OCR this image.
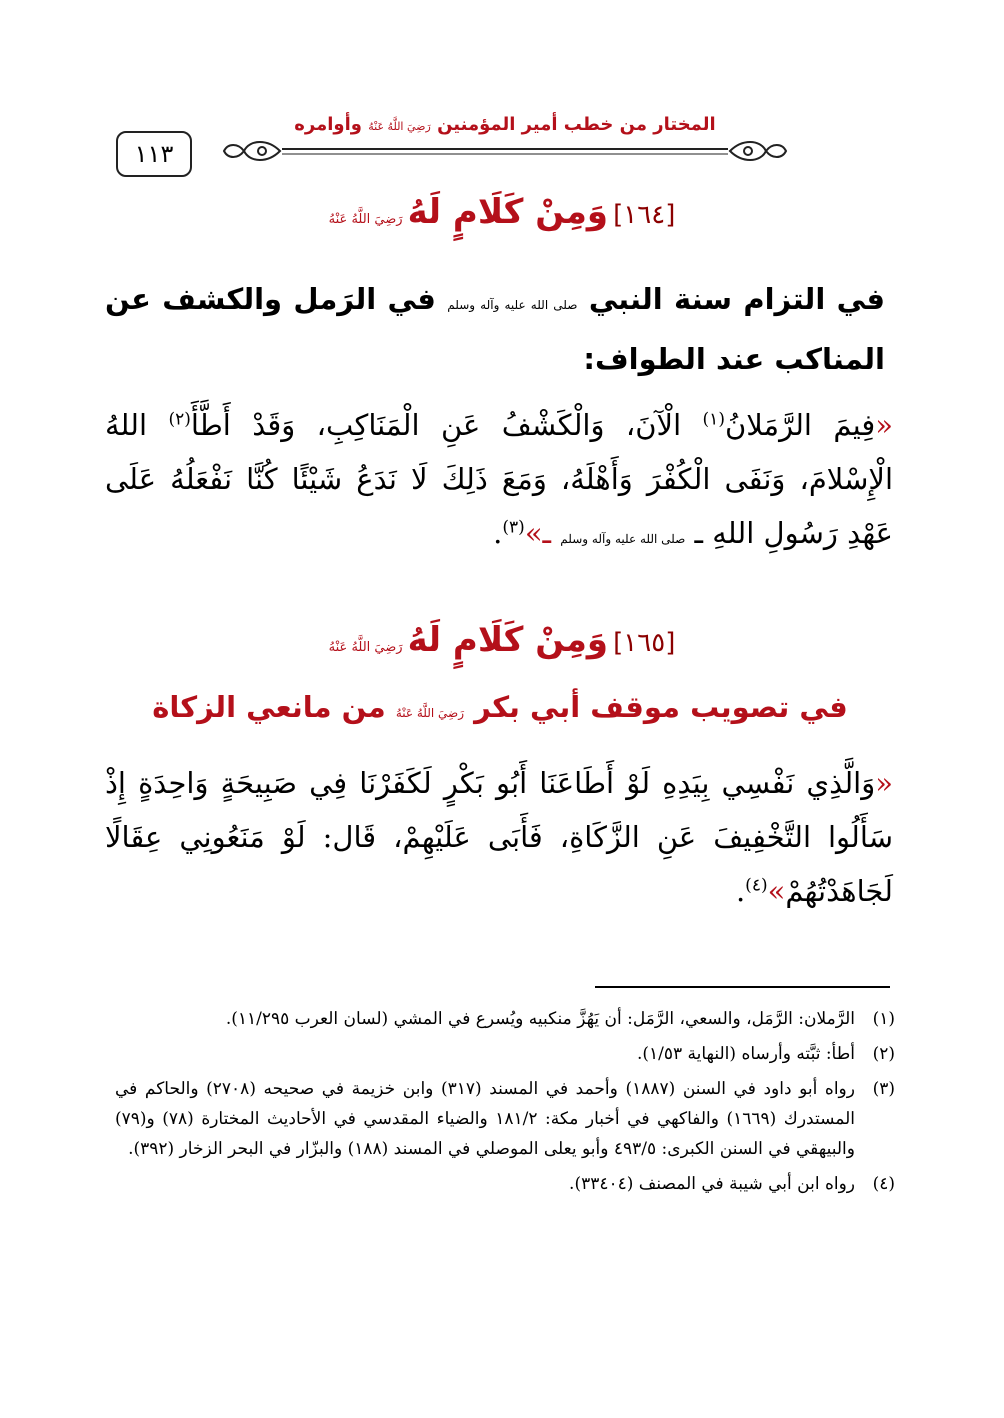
١١٣
المختار من خطب أمير المؤمنين رَضِيَ اللَّهُ عَنْهُ وأوامره
[١٦٤] وَمِنْ كَلَامٍ لَهُ رَضِيَ اللَّهُ عَنْهُ
في التزام سنة النبي صلى الله عليه وآله وسلم في الرَمل والكشف عن المناكب عند الطواف:
«فِيمَ الرَّمَلانُ$^{(١)}$ الْآنَ، وَالْكَشْفُ عَنِ الْمَنَاكِبِ، وَقَدْ أَطَّأَ$^{(٢)}$ اللهُ الْإِسْلامَ، وَنَفَى الْكُفْرَ وَأَهْلَهُ، وَمَعَ ذَلِكَ لَا نَدَعُ شَيْئًا كُنَّا نَفْعَلُهُ عَلَى عَهْدِ رَسُولِ اللهِ ـ صلى الله عليه وآله وسلم ـ»$^{(٣)}$.
[١٦٥] وَمِنْ كَلَامٍ لَهُ رَضِيَ اللَّهُ عَنْهُ
في تصويب موقف أبي بكر رَضِيَ اللَّهُ عَنْهُ من مانعي الزكاة
«وَالَّذِي نَفْسِي بِيَدِهِ لَوْ أَطَاعَنَا أَبُو بَكْرٍ لَكَفَرْنَا فِي صَبِيحَةٍ وَاحِدَةٍ إِذْ سَأَلُوا التَّخْفِيفَ عَنِ الزَّكَاةِ، فَأَبَى عَلَيْهِمْ، قَال: لَوْ مَنَعُونِي عِقَالًا لَجَاهَدْتُهُمْ»$^{(٤)}$.
(١)
الرَّملان: الرَّمَل، والسعي، الرَّمَل: أن يَهُزَّ منكبيه ويُسرع في المشي (لسان العرب ١١/٢٩٥).
(٢)
أطأ: ثبَّته وأرساه (النهاية ١/٥٣).
(٣)
رواه أبو داود في السنن (١٨٨٧) وأحمد في المسند (٣١٧) وابن خزيمة في صحيحه (٢٧٠٨) والحاكم في المستدرك (١٦٦٩) والفاكهي في أخبار مكة: ١٨١/٢ والضياء المقدسي في الأحاديث المختارة (٧٨) و(٧٩) والبيهقي في السنن الكبرى: ٤٩٣/٥ وأبو يعلى الموصلي في المسند (١٨٨) والبزّار في البحر الزخار (٣٩٢).
(٤)
رواه ابن أبي شيبة في المصنف (٣٣٤٠٤).
